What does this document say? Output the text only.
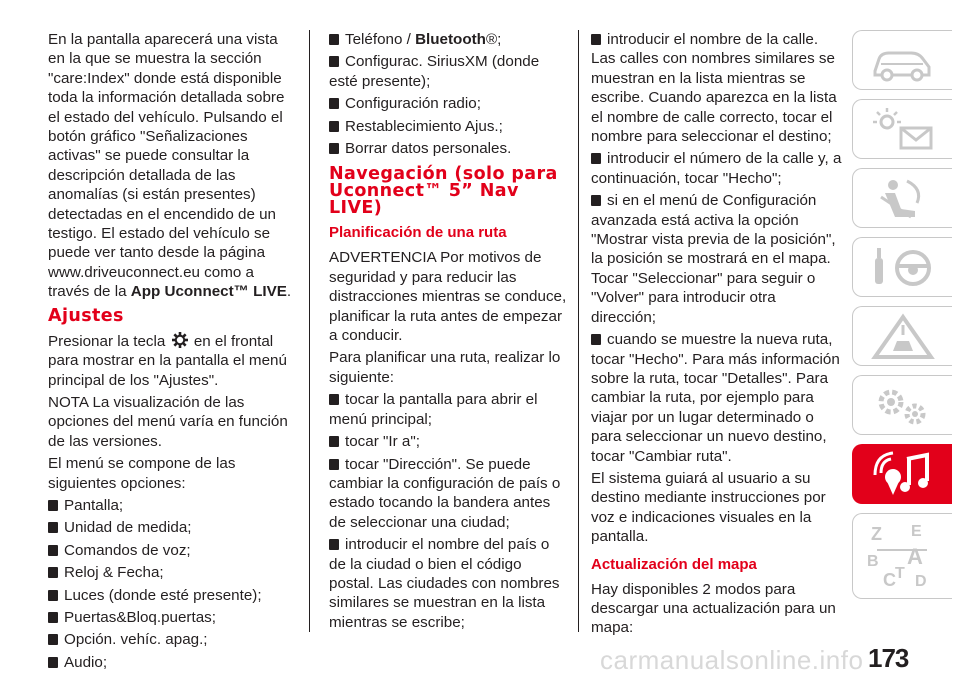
En la pantalla aparecerá una vista en la que se muestra la sección "care:Index" donde está disponible toda la información detallada sobre el estado del vehículo. Pulsando el botón gráfico "Señalizaciones activas" se puede consultar la descripción detallada de las anomalías (si están presentes) detectadas en el encendido de un testigo. El estado del vehículo se puede ver tanto desde la página www.driveuconnect.eu como a través de la App Uconnect™ LIVE.

Ajustes

Presionar la tecla en el frontal para mostrar en la pantalla el menú principal de los "Ajustes".

NOTA La visualización de las opciones del menú varía en función de las versiones.

El menú se compone de las siguientes opciones:

Pantalla;

Unidad de medida;

Comandos de voz;

Reloj & Fecha;

Luces (donde esté presente);

Puertas&Bloq.puertas;

Opción. vehíc. apag.;

Audio;

Teléfono / Bluetooth®;

Configurac. SiriusXM (donde esté presente);

Configuración radio;

Restablecimiento Ajus.;

Borrar datos personales.

Navegación (solo para
Uconnect™ 5” Nav LIVE)
Planificación de una ruta

ADVERTENCIA Por motivos de seguridad y para reducir las distracciones mientras se conduce, planificar la ruta antes de empezar a conducir.

Para planificar una ruta, realizar lo siguiente:

tocar la pantalla para abrir el menú principal;

tocar "Ir a";

tocar "Dirección". Se puede cambiar la configuración de país o estado tocando la bandera antes de seleccionar una ciudad;

introducir el nombre del país o de la ciudad o bien el código postal. Las ciudades con nombres similares se muestran en la lista mientras se escribe;

introducir el nombre de la calle. Las calles con nombres similares se muestran en la lista mientras se escribe. Cuando aparezca en la lista el nombre de calle correcto, tocar el nombre para seleccionar el destino;

introducir el número de la calle y, a continuación, tocar "Hecho";

si en el menú de Configuración avanzada está activa la opción "Mostrar vista previa de la posición", la posición se mostrará en el mapa. Tocar "Seleccionar" para seguir o "Volver" para introducir otra dirección;

cuando se muestre la nueva ruta, tocar "Hecho". Para más información sobre la ruta, tocar "Detalles". Para cambiar la ruta, por ejemplo para viajar por un lugar determinado o para seleccionar un nuevo destino, tocar "Cambiar ruta".

El sistema guiará al usuario a su destino mediante instrucciones por voz e indicaciones visuales en la pantalla.

Actualización del mapa

Hay disponibles 2 modos para descargar una actualización para un mapa:

Z E
B A
C T D
carmanualsonline.info 173
